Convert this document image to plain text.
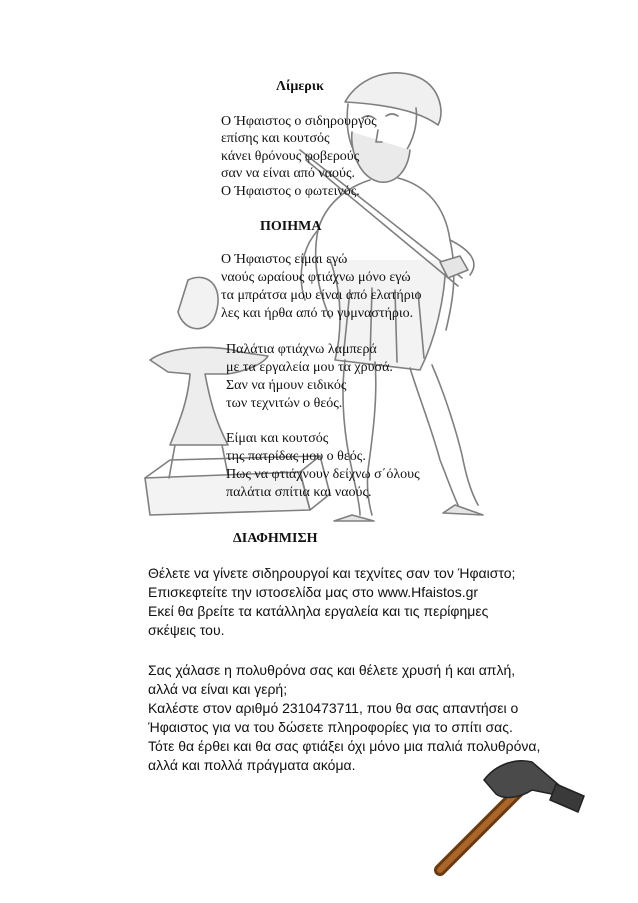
Λίμερικ

Ο Ήφαιστος ο σιδηρουργός

επίσης και κουτσός

κάνει θρόνους φοβερούς

σαν να είναι από ναούς.

Ο Ήφαιστος ο φωτεινός.

ΠΟΙΗΜΑ

Ο Ήφαιστος είμαι εγώ

ναούς ωραίους φτιάχνω μόνο εγώ

τα μπράτσα μου είναι από ελατήριο

λες και ήρθα από το γυμναστήριο.

Παλάτια φτιάχνω λαμπερά

με τα εργαλεία μου τα χρυσά.

Σαν να ήμουν ειδικός

των τεχνιτών ο θεός.

Είμαι και κουτσός

της πατρίδας μου ο θεός.

Πως να φτιάχνουν δείχνω σ΄όλους

παλάτια σπίτια και ναούς.

ΔΙΑΦΗΜΙΣΗ

Θέλετε να γίνετε σιδηρουργοί και τεχνίτες σαν τον Ήφαιστο;

Επισκεφτείτε την ιστοσελίδα μας στο www.Hfaistos.gr

Εκεί θα βρείτε τα κατάλληλα εργαλεία και τις περίφημες

σκέψεις του.

Σας χάλασε η πολυθρόνα σας και θέλετε χρυσή ή και απλή,

αλλά να είναι και γερή;

Καλέστε στον αριθμό 2310473711, που θα σας απαντήσει ο

Ήφαιστος για να του δώσετε πληροφορίες για το σπίτι σας.

Τότε θα έρθει και θα σας φτιάξει όχι μόνο μια παλιά πολυθρόνα,

αλλά και πολλά πράγματα ακόμα.
